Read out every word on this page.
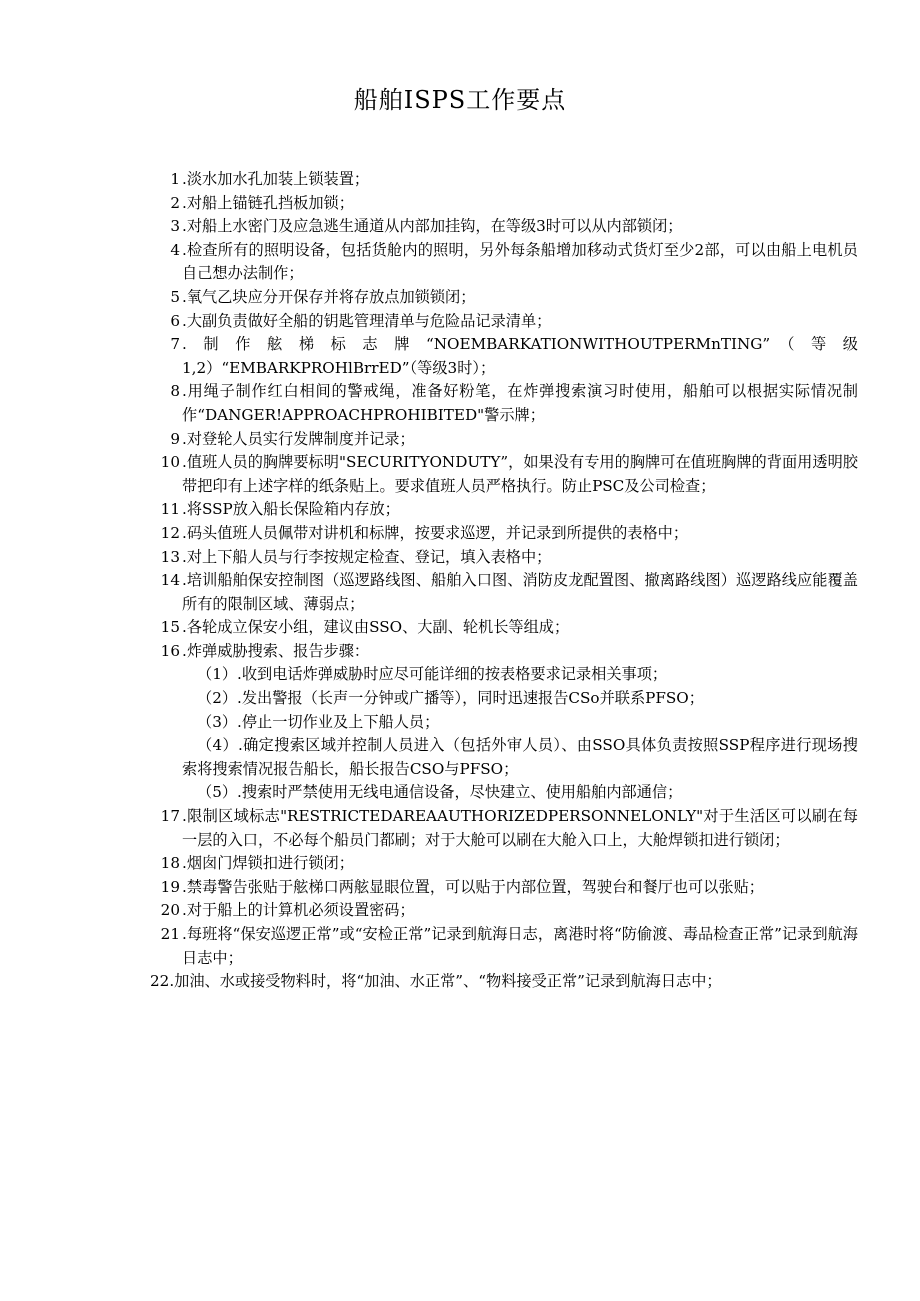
船舶ISPS工作要点
1 .淡水加水孔加装上锁装置；
2 .对船上锚链孔挡板加锁；
3 .对船上水密门及应急逃生通道从内部加挂钩，在等级3时可以从内部锁闭；
4 .检查所有的照明设备，包括货舱内的照明，另外每条船增加移动式货灯至少2部，可以由船上电机员自己想办法制作；
5 .氧气乙块应分开保存并将存放点加锁锁闭；
6 .大副负责做好全船的钥匙管理清单与危险品记录清单；
7 .制作舷梯标志牌“NOEMBARKATIONWITHOUTPERMnTING”（等级1,2）“EMBARKPROHlBrrED”（等级3时）；
8 .用绳子制作红白相间的警戒绳，准备好粉笔，在炸弹搜索演习时使用，船舶可以根据实际情况制作“DANGER!APPROACHPROHIBITED"警示牌；
9 .对登轮人员实行发牌制度并记录；
10 .值班人员的胸牌要标明"SECURITYONDUTY”，如果没有专用的胸牌可在值班胸牌的背面用透明胶带把印有上述字样的纸条贴上。要求值班人员严格执行。防止PSC及公司检查；
11 .将SSP放入船长保险箱内存放；
12 .码头值班人员佩带对讲机和标牌，按要求巡逻，并记录到所提供的表格中；
13 .对上下船人员与行李按规定检查、登记，填入表格中；
14 .培训船舶保安控制图（巡逻路线图、船舶入口图、消防皮龙配置图、撤离路线图）巡逻路线应能覆盖所有的限制区域、薄弱点；
15 .各轮成立保安小组，建议由SSO、大副、轮机长等组成；
16 .炸弹威胁搜索、报告步骤：
（1） .收到电话炸弹威胁时应尽可能详细的按表格要求记录相关事项；
（2） .发出警报（长声一分钟或广播等），同时迅速报告CSo并联系PFSO；
（3） .停止一切作业及上下船人员；
（4）.确定搜索区域并控制人员进入（包括外审人员）、由SSO具体负责按照SSP程序进行现场搜索将搜索情况报告船长，船长报告CSO与PFSO；
（5） .搜索时严禁使用无线电通信设备，尽快建立、使用船舶内部通信；
17 .限制区域标志"RESTRICTEDAREAAUTHORIZEDPERSONNELONLY"对于生活区可以刷在每一层的入口，不必每个船员门都刷；对于大舱可以刷在大舱入口上，大舱焊锁扣进行锁闭；
18 .烟囱门焊锁扣进行锁闭；
19 .禁毒警告张贴于舷梯口两舷显眼位置，可以贴于内部位置，驾驶台和餐厅也可以张贴；
20 .对于船上的计算机必须设置密码；
21 .每班将“保安巡逻正常”或“安检正常”记录到航海日志，离港时将“防偷渡、毒品检查正常”记录到航海日志中；
22.加油、水或接受物料时，将“加油、水正常”、“物料接受正常”记录到航海日志中；
